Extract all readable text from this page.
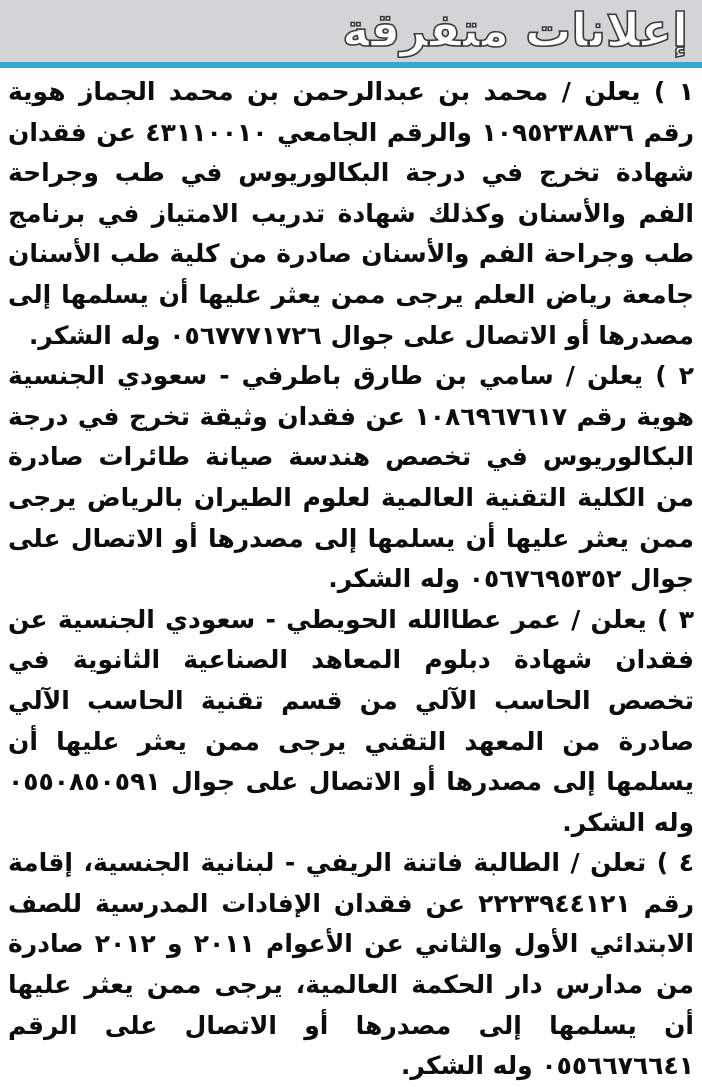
إعلانات متفرقة

١ ) يعلن / محمد بن عبدالرحمن بن محمد الجماز هوية رقم ١٠٩٥٢٣٨٨٣٦ والرقم الجامعي ٤٣١١٠٠١٠ عن فقدان شهادة تخرج في درجة البكالوريوس في طب وجراحة الفم والأسنان وكذلك شهادة تدريب الامتياز في برنامج طب وجراحة الفم والأسنان صادرة من كلية طب الأسنان جامعة رياض العلم يرجى ممن يعثر عليها أن يسلمها إلى مصدرها أو الاتصال على جوال ٠٥٦٧٧٧١٧٢٦ وله الشكر.

٢ ) يعلن / سامي بن طارق باطرفي - سعودي الجنسية هوية رقم ١٠٨٦٩٦٧٦١٧ عن فقدان وثيقة تخرج في درجة البكالوريوس في تخصص هندسة صيانة طائرات صادرة من الكلية التقنية العالمية لعلوم الطيران بالرياض يرجى ممن يعثر عليها أن يسلمها إلى مصدرها أو الاتصال على جوال ٠٥٦٧٦٩٥٣٥٢ وله الشكر.

٣ ) يعلن / عمر عطاالله الحويطي - سعودي الجنسية عن فقدان شهادة دبلوم المعاهد الصناعية الثانوية في تخصص الحاسب الآلي من قسم تقنية الحاسب الآلي صادرة من المعهد التقني يرجى ممن يعثر عليها أن يسلمها إلى مصدرها أو الاتصال على جوال ٠٥٥٠٨٥٠٥٩١ وله الشكر.

٤ ) تعلن / الطالبة فاتنة الريفي - لبنانية الجنسية، إقامة رقم ٢٢٢٣٩٤٤١٢١ عن فقدان الإفادات المدرسية للصف الابتدائي الأول والثاني عن الأعوام ٢٠١١ و ٢٠١٢ صادرة من مدارس دار الحكمة العالمية، يرجى ممن يعثر عليها أن يسلمها إلى مصدرها أو الاتصال على الرقم ٠٥٥٦٦٧٦٦٤١ وله الشكر.
